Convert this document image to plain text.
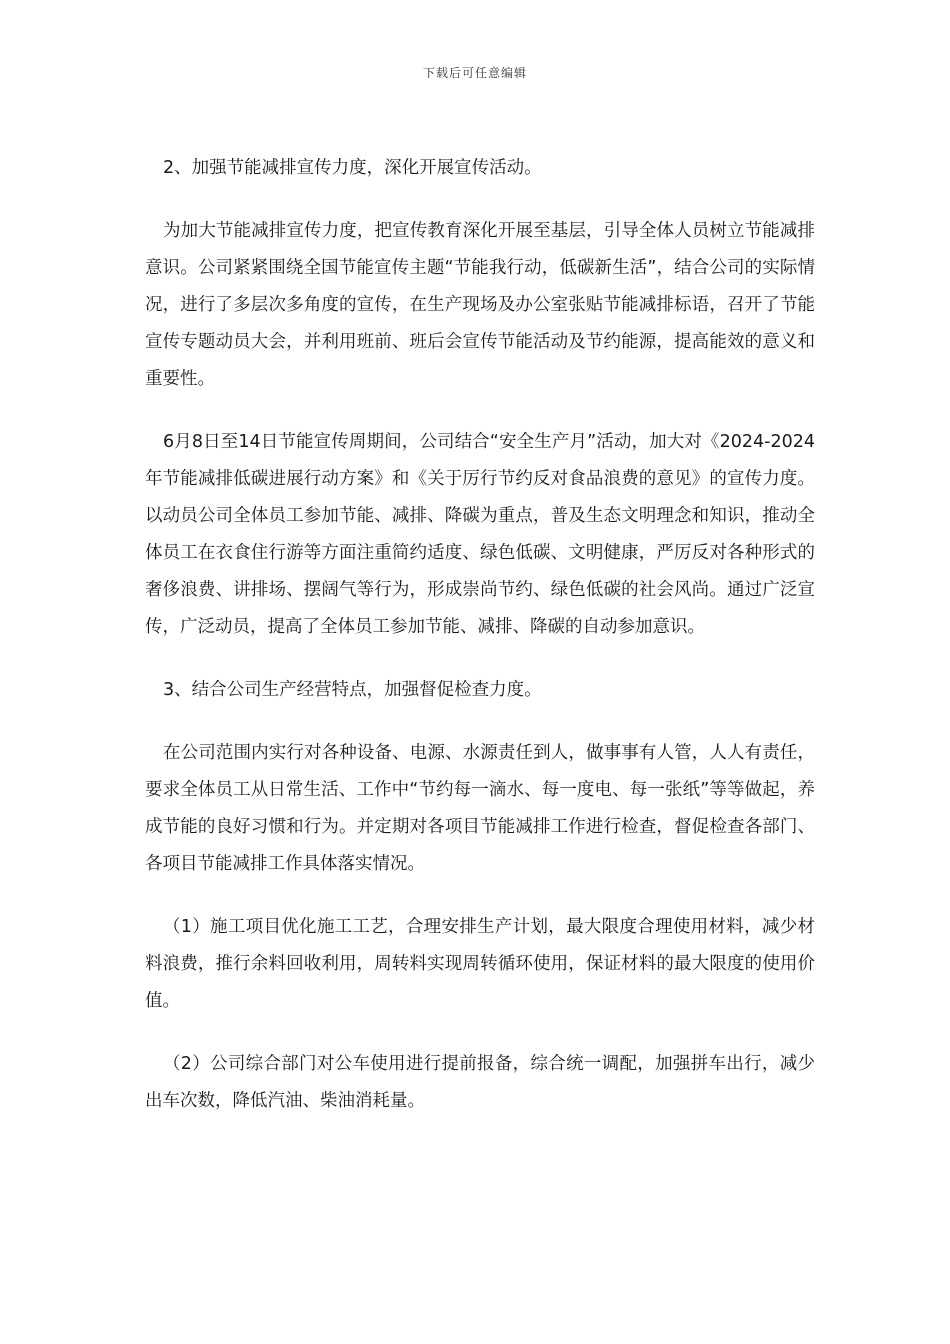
下载后可任意编辑

2、加强节能减排宣传力度，深化开展宣传活动。

为加大节能减排宣传力度，把宣传教育深化开展至基层，引导全体人员树立节能减排意识。公司紧紧围绕全国节能宣传主题“节能我行动，低碳新生活”，结合公司的实际情况，进行了多层次多角度的宣传，在生产现场及办公室张贴节能减排标语，召开了节能宣传专题动员大会，并利用班前、班后会宣传节能活动及节约能源，提高能效的意义和重要性。

6月8日至14日节能宣传周期间，公司结合“安全生产月”活动，加大对《2024-2024年节能减排低碳进展行动方案》和《关于厉行节约反对食品浪费的意见》的宣传力度。以动员公司全体员工参加节能、减排、降碳为重点，普及生态文明理念和知识，推动全体员工在衣食住行游等方面注重简约适度、绿色低碳、文明健康，严厉反对各种形式的奢侈浪费、讲排场、摆阔气等行为，形成崇尚节约、绿色低碳的社会风尚。通过广泛宣传，广泛动员，提高了全体员工参加节能、减排、降碳的自动参加意识。

3、结合公司生产经营特点，加强督促检查力度。

在公司范围内实行对各种设备、电源、水源责任到人，做事事有人管，人人有责任，要求全体员工从日常生活、工作中“节约每一滴水、每一度电、每一张纸”等等做起，养成节能的良好习惯和行为。并定期对各项目节能减排工作进行检查，督促检查各部门、各项目节能减排工作具体落实情况。

（1）施工项目优化施工工艺，合理安排生产计划，最大限度合理使用材料，减少材料浪费，推行余料回收利用，周转料实现周转循环使用，保证材料的最大限度的使用价值。

（2）公司综合部门对公车使用进行提前报备，综合统一调配，加强拼车出行，减少出车次数，降低汽油、柴油消耗量。
